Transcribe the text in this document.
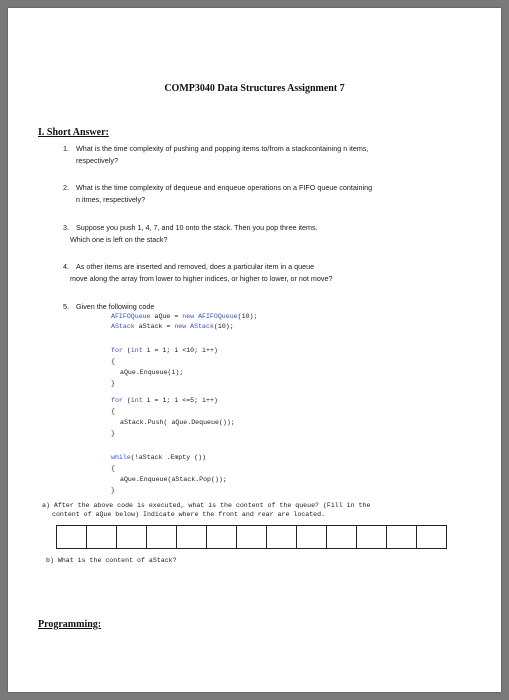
COMP3040 Data Structures Assignment 7
I. Short Answer:
1. What is the time complexity of pushing and popping items to/from a stackcontaining n items,
respectively?
2. What is the time complexity of dequeue and enqueue operations on a FIFO queue containing
n itmes, respectively?
3. Suppose you push 1, 4, 7, and 10 onto the stack. Then you pop three items.
Which one is left on the stack?
4. As other items are inserted and removed, does a particular item in a queue
move along the array from lower to higher indices, or higher to lower, or not move?
5. Given the following code
AFIFOQueue aQue = new AFIFOQueue(10);
AStack aStack = new AStack(10);
for (int i = 1; i <10; i++)
{
aQue.Enqueue(i);
}
for (int i = 1; i <=5; i++)
{
aStack.Push( aQue.Dequeue());
}
while(!aStack .Empty ())
{
aQue.Enqueue(aStack.Pop());
}
a) After the above code is executed, what is the content of the queue? (Fill in the
content of aQue below) Indicate where the front and rear are located.
b) What is the content of aStack?
Programming:
